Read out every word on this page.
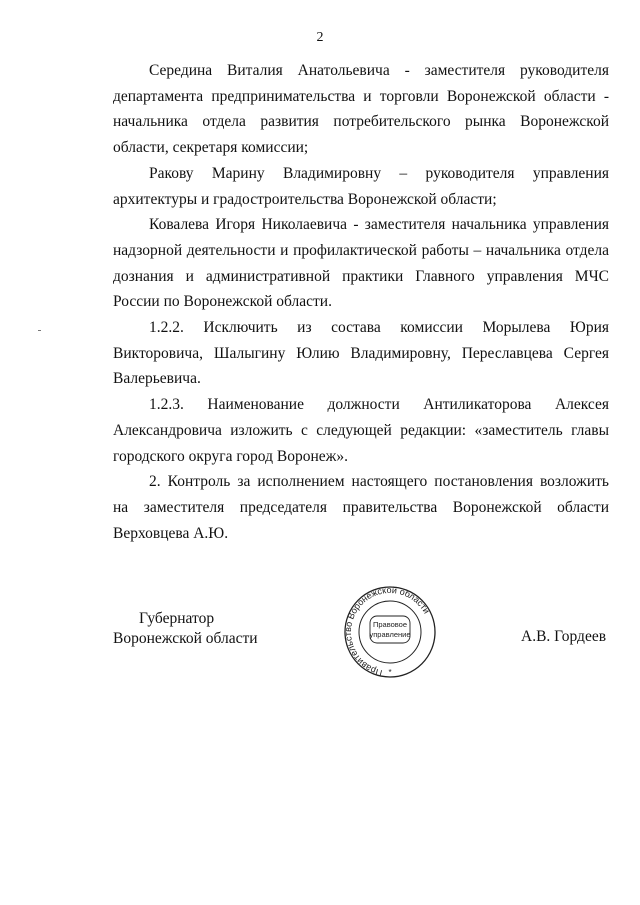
2

Середина Виталия Анатольевича - заместителя руководителя департамента предпринимательства и торговли Воронежской области - начальника отдела развития потребительского рынка Воронежской области, секретаря комиссии;

Ракову Марину Владимировну – руководителя управления архитектуры и градостроительства Воронежской области;

Ковалева Игоря Николаевича - заместителя начальника управления надзорной деятельности и профилактической работы – начальника отдела дознания и административной практики Главного управления МЧС России по Воронежской области.

1.2.2. Исключить из состава комиссии Морылева Юрия Викторовича, Шалыгину Юлию Владимировну, Переславцева Сергея Валерьевича.

1.2.3. Наименование должности Антиликаторова Алексея Александровича изложить с следующей редакции: «заместитель главы городского округа город Воронеж».

2. Контроль за исполнением настоящего постановления возложить на заместителя председателя правительства Воронежской области Верховцева А.Ю.

Губернатор
Воронежской области
Правительство Воронежской области
Правовое
управление
*
А.В. Гордеев
